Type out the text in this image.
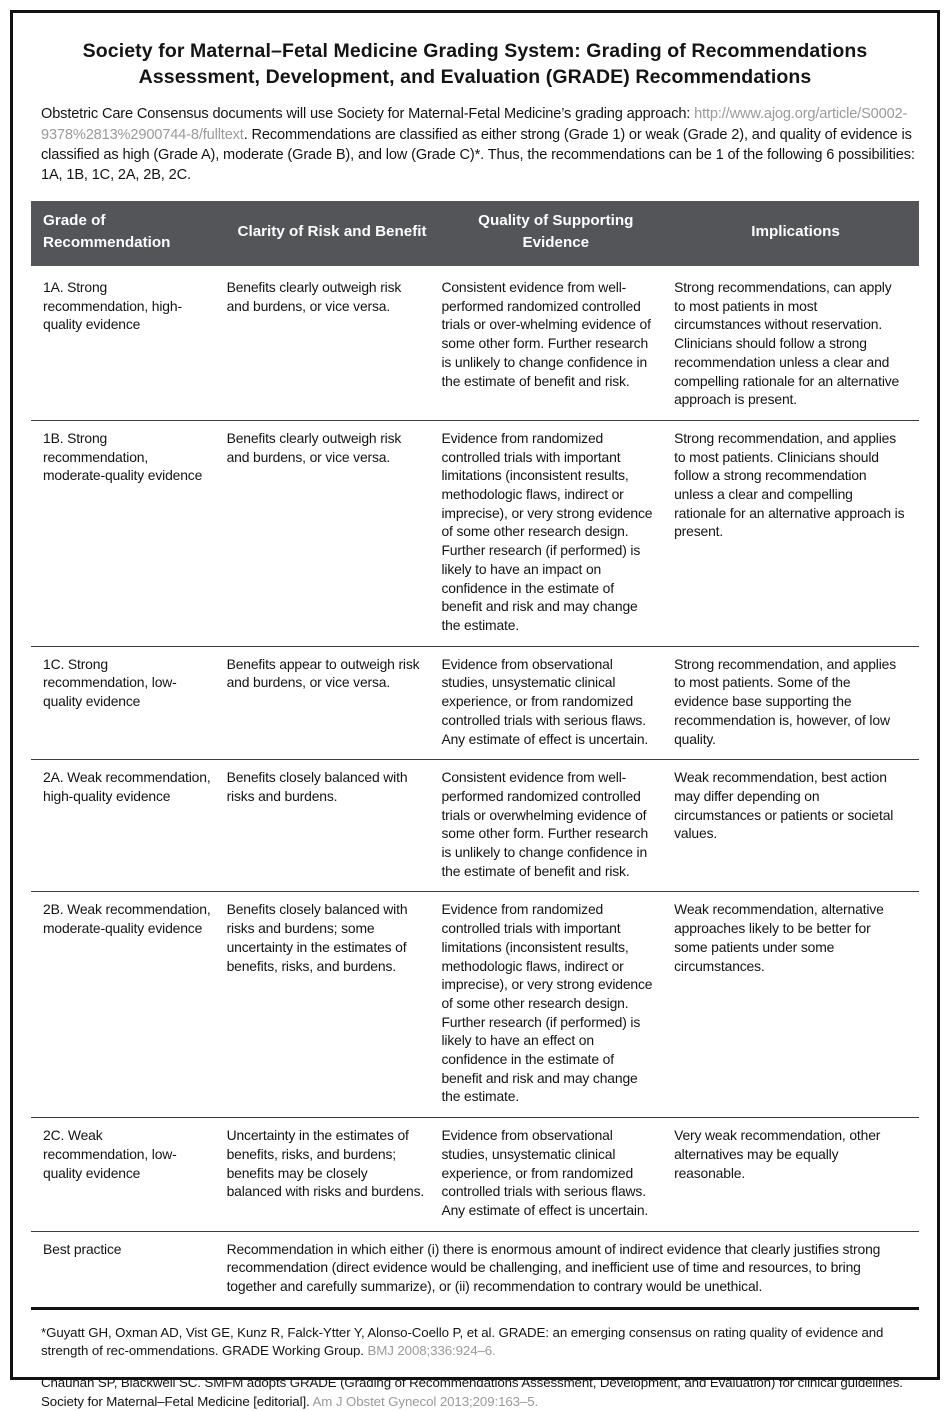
Society for Maternal–Fetal Medicine Grading System: Grading of Recommendations Assessment, Development, and Evaluation (GRADE) Recommendations

Obstetric Care Consensus documents will use Society for Maternal-Fetal Medicine’s grading approach: http://www.ajog.org/article/S0002-9378%2813%2900744-8/fulltext. Recommendations are classified as either strong (Grade 1) or weak (Grade 2), and quality of evidence is classified as high (Grade A), moderate (Grade B), and low (Grade C)*. Thus, the recommendations can be 1 of the following 6 possibilities: 1A, 1B, 1C, 2A, 2B, 2C.

Grade of Recommendation	Clarity of Risk and Benefit	Quality of Supporting Evidence	Implications
1A. Strong recommendation, high-quality evidence	Benefits clearly outweigh risk and burdens, or vice versa.	Consistent evidence from well-performed randomized controlled trials or over-whelming evidence of some other form. Further research is unlikely to change confidence in the estimate of benefit and risk.	Strong recommendations, can apply to most patients in most circumstances without reservation. Clinicians should follow a strong recommendation unless a clear and compelling rationale for an alternative approach is present.
1B. Strong recommendation, moderate-quality evidence	Benefits clearly outweigh risk and burdens, or vice versa.	Evidence from randomized controlled trials with important limitations (inconsistent results, methodologic flaws, indirect or imprecise), or very strong evidence of some other research design. Further research (if performed) is likely to have an impact on confidence in the estimate of benefit and risk and may change the estimate.	Strong recommendation, and applies to most patients. Clinicians should follow a strong recommendation unless a clear and compelling rationale for an alternative approach is present.
1C. Strong recommendation, low-quality evidence	Benefits appear to outweigh risk and burdens, or vice versa.	Evidence from observational studies, unsystematic clinical experience, or from randomized controlled trials with serious flaws. Any estimate of effect is uncertain.	Strong recommendation, and applies to most patients. Some of the evidence base supporting the recommendation is, however, of low quality.
2A. Weak recommendation, high-quality evidence	Benefits closely balanced with risks and burdens.	Consistent evidence from well-performed randomized controlled trials or overwhelming evidence of some other form. Further research is unlikely to change confidence in the estimate of benefit and risk.	Weak recommendation, best action may differ depending on circumstances or patients or societal values.
2B. Weak recommendation, moderate-quality evidence	Benefits closely balanced with risks and burdens; some uncertainty in the estimates of benefits, risks, and burdens.	Evidence from randomized controlled trials with important limitations (inconsistent results, methodologic flaws, indirect or imprecise), or very strong evidence of some other research design. Further research (if performed) is likely to have an effect on confidence in the estimate of benefit and risk and may change the estimate.	Weak recommendation, alternative approaches likely to be better for some patients under some circumstances.
2C. Weak recommendation, low-quality evidence	Uncertainty in the estimates of benefits, risks, and burdens; benefits may be closely balanced with risks and burdens.	Evidence from observational studies, unsystematic clinical experience, or from randomized controlled trials with serious flaws. Any estimate of effect is uncertain.	Very weak recommendation, other alternatives may be equally reasonable.
Best practice	Recommendation in which either (i) there is enormous amount of indirect evidence that clearly justifies strong recommendation (direct evidence would be challenging, and inefficient use of time and resources, to bring together and carefully summarize), or (ii) recommendation to contrary would be unethical.		

*Guyatt GH, Oxman AD, Vist GE, Kunz R, Falck-Ytter Y, Alonso-Coello P, et al. GRADE: an emerging consensus on rating quality of evidence and strength of rec-ommendations. GRADE Working Group. BMJ 2008;336:924–6.

Chauhan SP, Blackwell SC. SMFM adopts GRADE (Grading of Recommendations Assessment, Development, and Evaluation) for clinical guidelines. Society for Maternal–Fetal Medicine [editorial]. Am J Obstet Gynecol 2013;209:163–5.
